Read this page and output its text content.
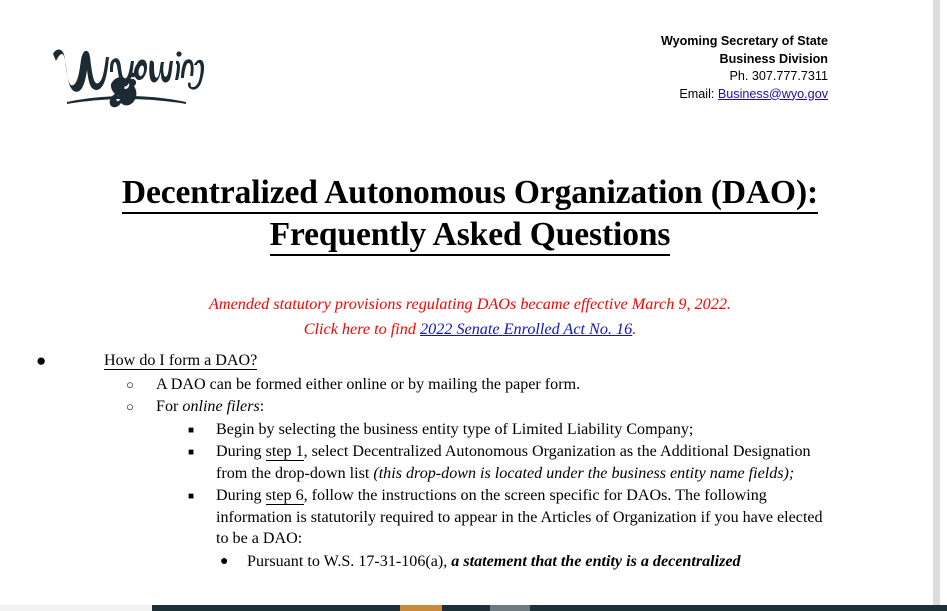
Wyoming Secretary of State
Business Division
Ph. 307.777.7311
Email: Business@wyo.gov
Decentralized Autonomous Organization (DAO):
Frequently Asked Questions
Amended statutory provisions regulating DAOs became effective March 9, 2022.
Click here to find 2022 Senate Enrolled Act No. 16.
●	How do I form a DAO?
○ A DAO can be formed either online or by mailing the paper form.
○ For online filers:
■ Begin by selecting the business entity type of Limited Liability Company;
■ During step 1, select Decentralized Autonomous Organization as the Additional Designation from the drop-down list (this drop-down is located under the business entity name fields);
■ During step 6, follow the instructions on the screen specific for DAOs. The following information is statutorily required to appear in the Articles of Organization if you have elected to be a DAO:
● Pursuant to W.S. 17-31-106(a), a statement that the entity is a decentralized
